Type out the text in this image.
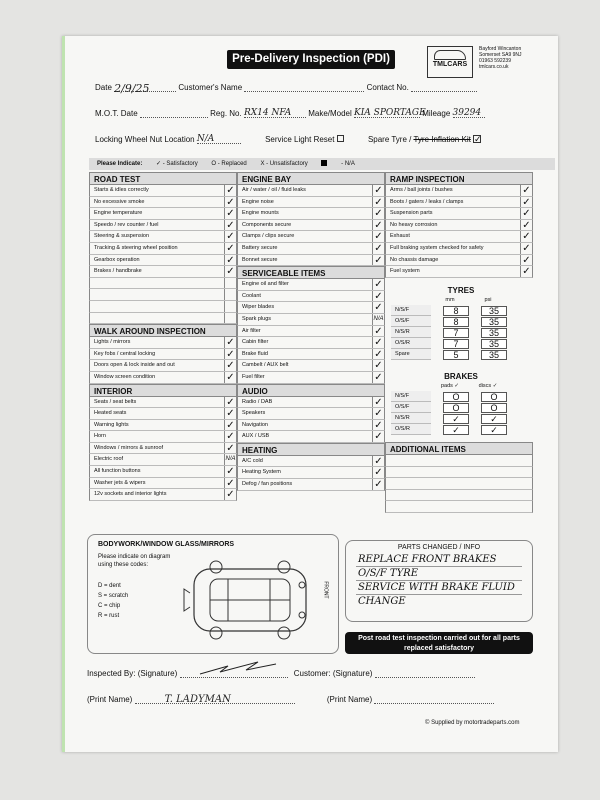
Pre-Delivery Inspection (PDI)	TMLCARS
Bayford Wincanton
Somerset SA9 9NJ
01963 592239
tmlcars.co.uk
Date 2/9/25	Customer's Name	Contact No.
M.O.T. Date	Reg. No. RX14 NFA Make/Model KIA SPORTAGE Mileage 39294
Locking Wheel Nut Location N/A	Service Light Reset	Spare Tyre / Tyre Inflation Kit ✓
Please Indicate: ✓ - Satisfactory O - Replaced X - Unsatisfactory	- N/A
ROAD TEST
Starts & idles correctly	✓
No excessive smoke	✓
Engine temperature	✓
Speedo / rev counter / fuel	✓
Steering & suspension	✓
Tracking & steering wheel position	✓
Gearbox operation	✓
Brakes / handbrake	✓
WALK AROUND INSPECTION
Lights / mirrors	✓
Key fobs / central locking	✓
Doors open & lock inside and out	✓
Window screen condition	✓
INTERIOR
Seats / seat belts	✓
Heated seats	✓
Warning lights	✓
Horn	✓
Windows / mirrors & sunroof	✓
Electric roof	N/A
All function buttons	✓
Washer jets & wipers	✓
12v sockets and interior lights	✓
ENGINE BAY
Air / water / oil / fluid leaks	✓
Engine noise	✓
Engine mounts	✓
Components secure	✓
Clamps / clips secure	✓
Battery secure	✓
Bonnet secure	✓
SERVICEABLE ITEMS
Engine oil and filter	✓
Coolant	✓
Wiper blades	✓
Spark plugs	N/A
Air filter	✓
Cabin filter	✓
Brake fluid	✓
Cambelt / AUX belt	✓
Fuel filter	✓
AUDIO
Radio / DAB	✓
Speakers	✓
Navigation	✓
AUX / USB	✓
HEATING
A/C cold	✓
Heating System	✓
Defog / fan positions	✓
RAMP INSPECTION
Arms / ball joints / bushes	✓
Boots / gaters / leaks / clamps	✓
Suspension parts	✓
No heavy corrosion	✓
Exhaust	✓
Full braking system checked for safety	✓
No chassis damage	✓
Fuel system	✓
TYRES
mm	psi
N/S/F	8	35
O/S/F	8	35
N/S/R	7	35
O/S/R	7	35
Spare	5	35
BRAKES
pads ✓	discs ✓
N/S/F	O	O
O/S/F	O	O
N/S/R	✓	✓
O/S/R	✓	✓
ADDITIONAL ITEMS
BODYWORK/WINDOW GLASS/MIRRORS
Please indicate on diagram using these codes:
D = dent
S = scratch
C = chip
R = rust
FRONT
PARTS CHANGED / INFO
REPLACE FRONT BRAKES
O/S/F TYRE
SERVICE WITH BRAKE FLUID
CHANGE
Post road test inspection carried out for all parts replaced satisfactory
Inspected By: (Signature)	Customer: (Signature)
(Print Name)	T. LADYMAN	(Print Name)
© Supplied by motortradeparts.com
